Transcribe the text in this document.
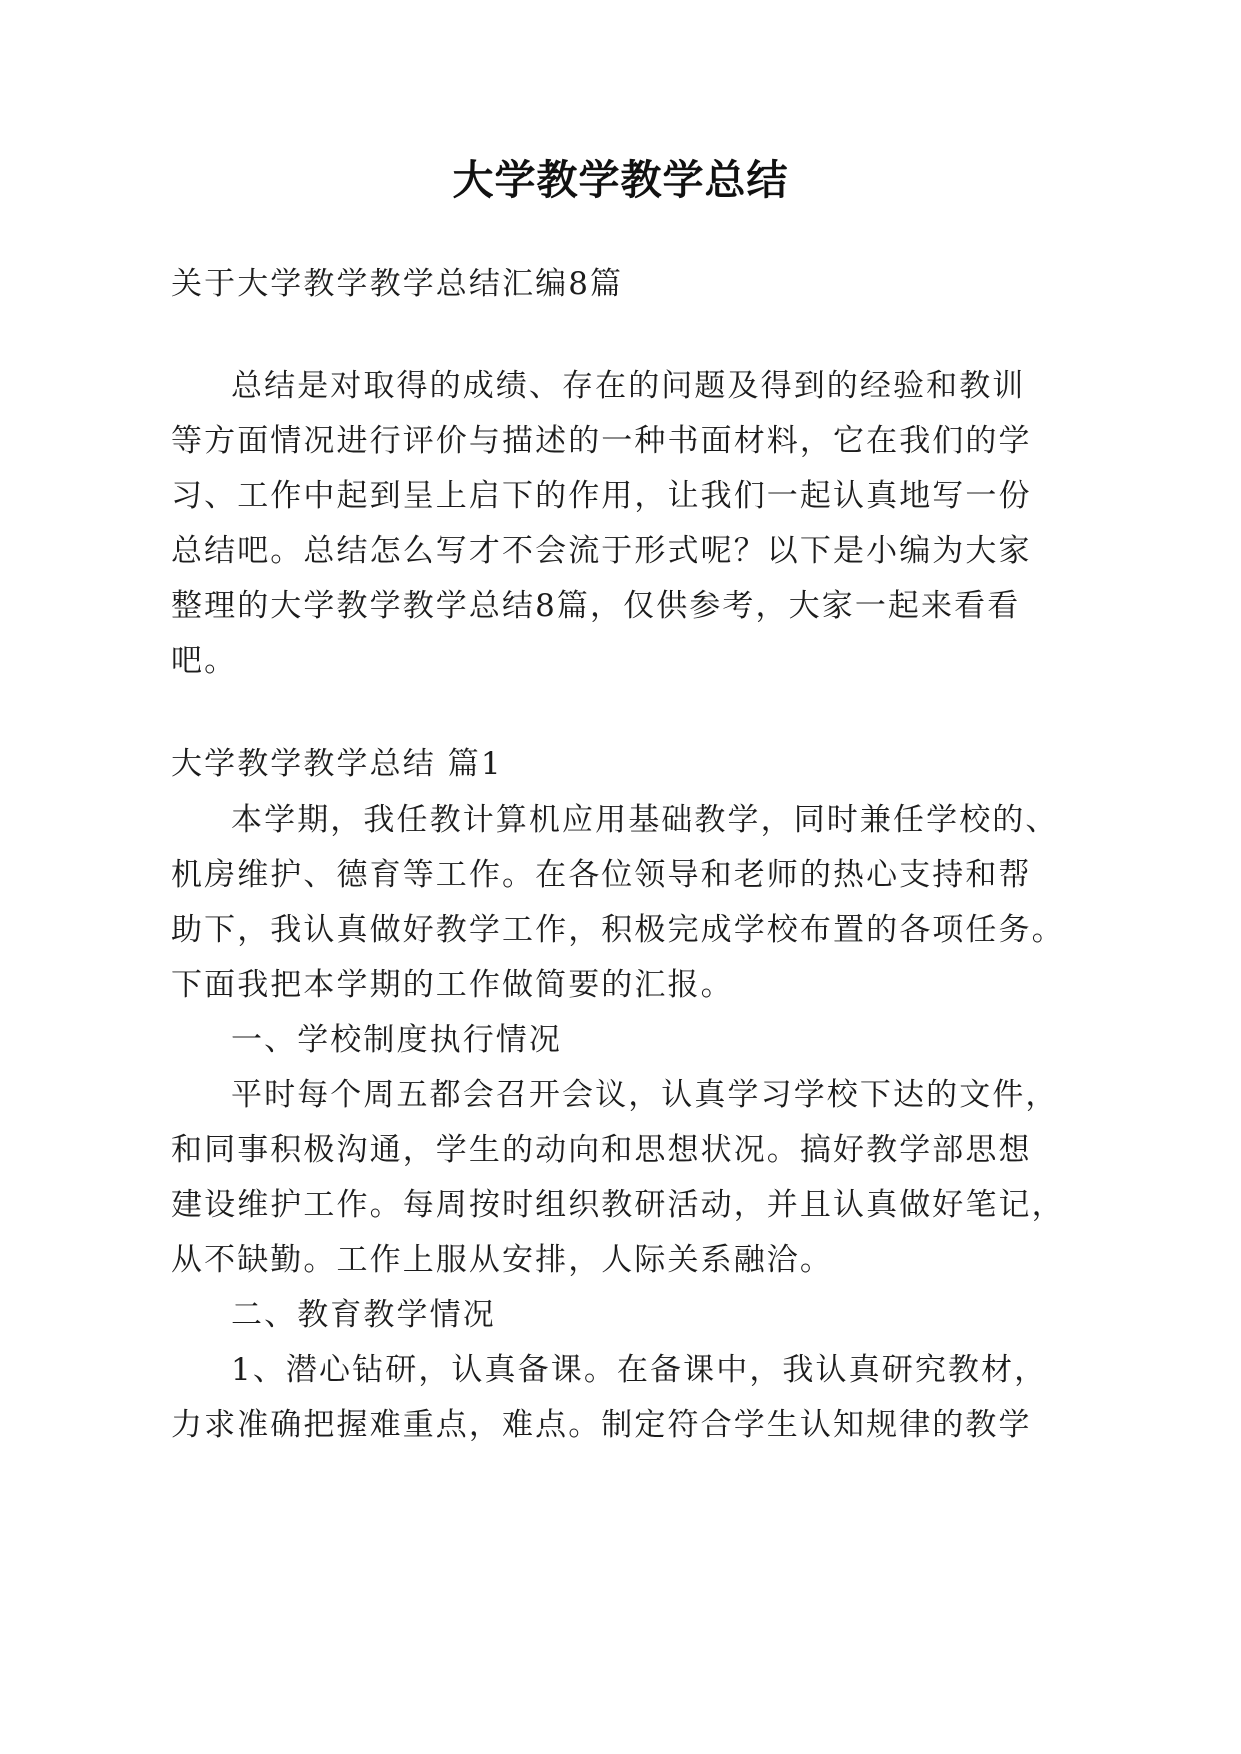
大学教学教学总结
关于大学教学教学总结汇编8篇
总结是对取得的成绩、存在的问题及得到的经验和教训
等方面情况进行评价与描述的一种书面材料，它在我们的学
习、工作中起到呈上启下的作用，让我们一起认真地写一份
总结吧。总结怎么写才不会流于形式呢？以下是小编为大家
整理的大学教学教学总结8篇，仅供参考，大家一起来看看
吧。
大学教学教学总结 篇1
本学期，我任教计算机应用基础教学，同时兼任学校的、
机房维护、德育等工作。在各位领导和老师的热心支持和帮
助下，我认真做好教学工作，积极完成学校布置的各项任务。
下面我把本学期的工作做简要的汇报。
一、学校制度执行情况
平时每个周五都会召开会议，认真学习学校下达的文件，
和同事积极沟通，学生的动向和思想状况。搞好教学部思想
建设维护工作。每周按时组织教研活动，并且认真做好笔记，
从不缺勤。工作上服从安排，人际关系融洽。
二、教育教学情况
1、潜心钻研，认真备课。在备课中，我认真研究教材，
力求准确把握难重点，难点。制定符合学生认知规律的教学
